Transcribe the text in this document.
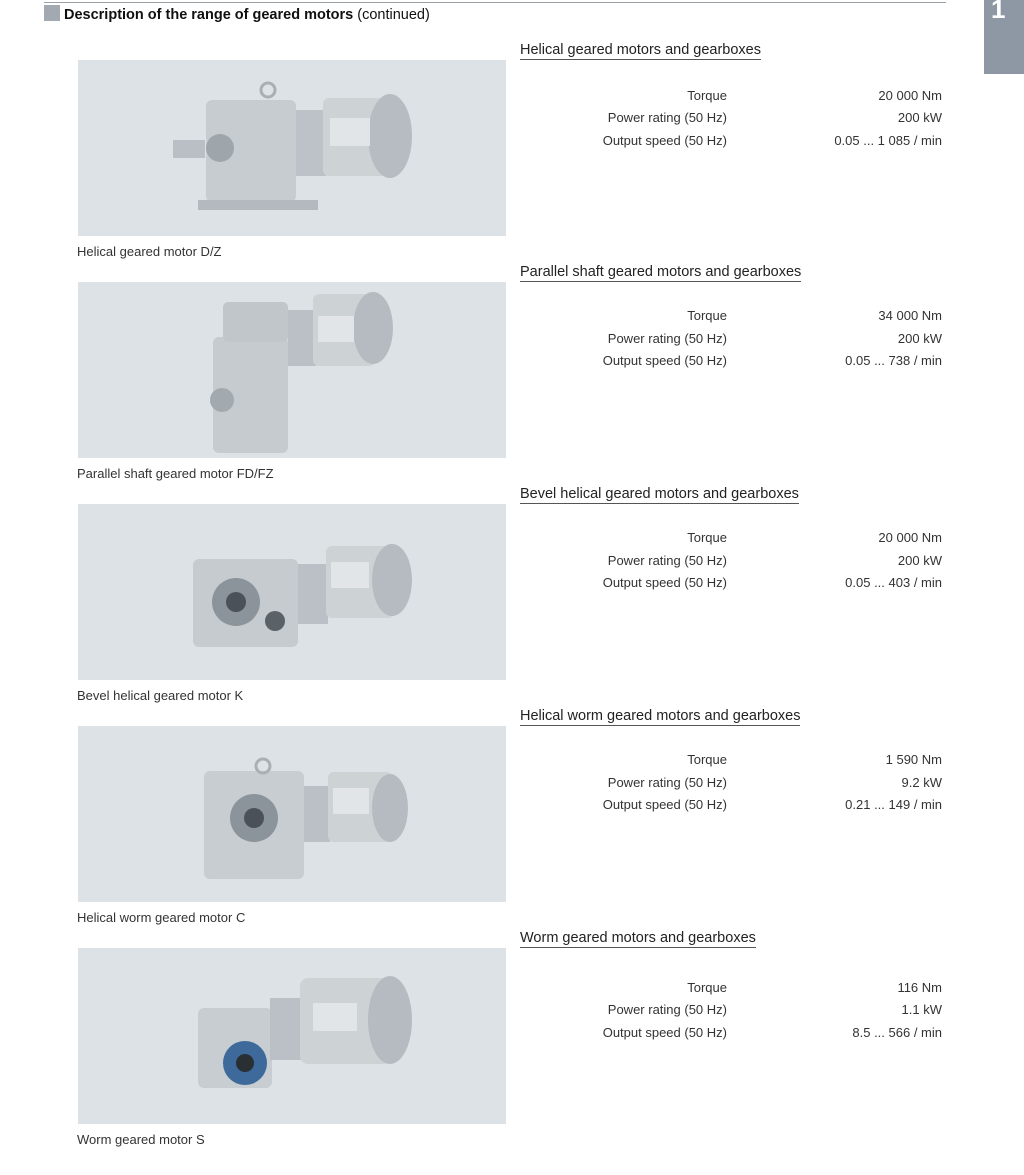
Description of the range of geared motors (continued)	1
Helical geared motor D/Z
Helical geared motors and gearboxes
Torque	20 000 Nm
Power rating (50 Hz)	200 kW
Output speed (50 Hz)	0.05 ... 1 085 / min
Parallel shaft geared motor FD/FZ
Parallel shaft geared motors and gearboxes
Torque	34 000 Nm
Power rating (50 Hz)	200 kW
Output speed (50 Hz)	0.05 ... 738 / min
Bevel helical geared motor K
Bevel helical geared motors and gearboxes
Torque	20 000 Nm
Power rating (50 Hz)	200 kW
Output speed (50 Hz)	0.05 ... 403 / min
Helical worm geared motor C
Helical worm geared motors and gearboxes
Torque	1 590 Nm
Power rating (50 Hz)	9.2 kW
Output speed (50 Hz)	0.21 ... 149 / min
Worm geared motor S
Worm geared motors and gearboxes
Torque	116 Nm
Power rating (50 Hz)	1.1 kW
Output speed (50 Hz)	8.5 ... 566 / min
